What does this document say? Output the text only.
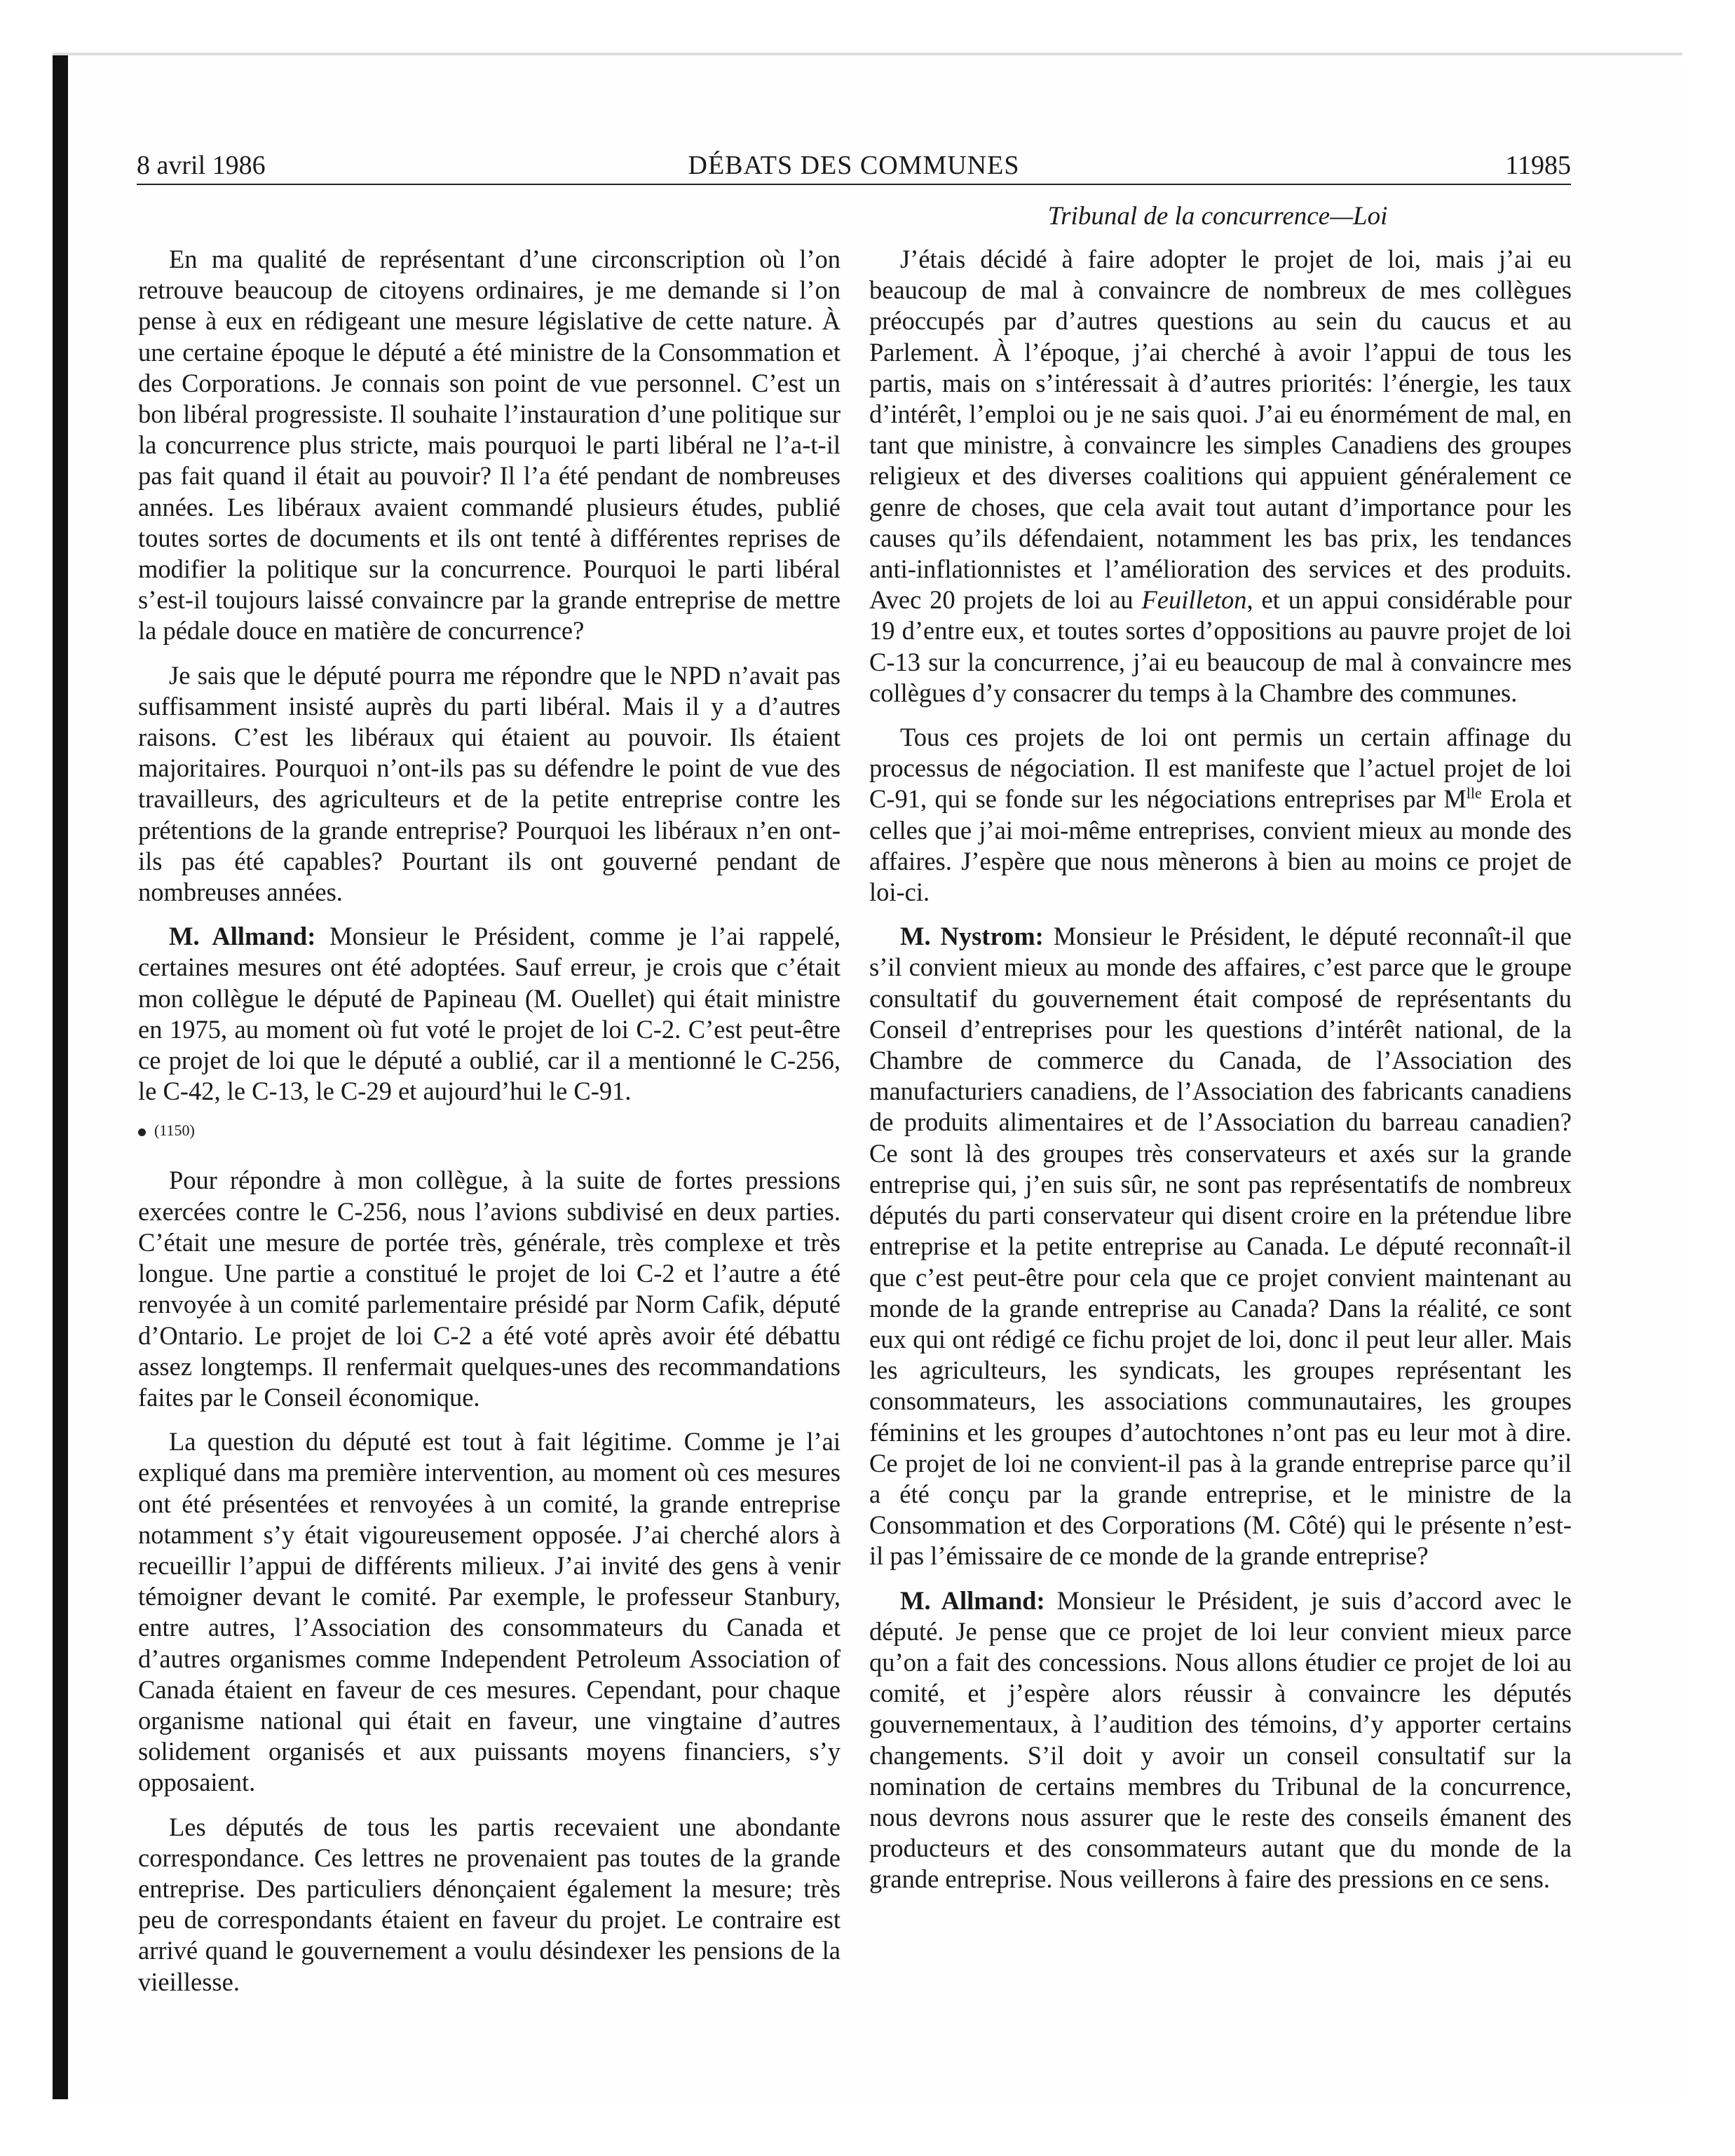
8 avril 1986	DÉBATS DES COMMUNES	11985
Tribunal de la concurrence—Loi

En ma qualité de représentant d’une circonscription où l’on retrouve beaucoup de citoyens ordinaires, je me demande si l’on pense à eux en rédigeant une mesure législative de cette nature. À une certaine époque le député a été ministre de la Consommation et des Corporations. Je connais son point de vue personnel. C’est un bon libéral progressiste. Il souhaite l’instauration d’une politique sur la concurrence plus stricte, mais pourquoi le parti libéral ne l’a-t-il pas fait quand il était au pouvoir? Il l’a été pendant de nombreuses années. Les libéraux avaient commandé plusieurs études, publié toutes sortes de documents et ils ont tenté à différentes reprises de modifier la politique sur la concurrence. Pourquoi le parti libéral s’est-il toujours laissé convaincre par la grande entreprise de mettre la pédale douce en matière de concurrence?

Je sais que le député pourra me répondre que le NPD n’avait pas suffisamment insisté auprès du parti libéral. Mais il y a d’autres raisons. C’est les libéraux qui étaient au pouvoir. Ils étaient majoritaires. Pourquoi n’ont-ils pas su défendre le point de vue des travailleurs, des agriculteurs et de la petite entreprise contre les prétentions de la grande entreprise? Pourquoi les libéraux n’en ont-ils pas été capables? Pourtant ils ont gouverné pendant de nombreuses années.

M. Allmand: Monsieur le Président, comme je l’ai rappelé, certaines mesures ont été adoptées. Sauf erreur, je crois que c’était mon collègue le député de Papineau (M. Ouellet) qui était ministre en 1975, au moment où fut voté le projet de loi C-2. C’est peut-être ce projet de loi que le député a oublié, car il a mentionné le C-256, le C-42, le C-13, le C-29 et aujourd’hui le C-91.

(1150)

Pour répondre à mon collègue, à la suite de fortes pressions exercées contre le C-256, nous l’avions subdivisé en deux parties. C’était une mesure de portée très, générale, très complexe et très longue. Une partie a constitué le projet de loi C-2 et l’autre a été renvoyée à un comité parlementaire présidé par Norm Cafik, député d’Ontario. Le projet de loi C-2 a été voté après avoir été débattu assez longtemps. Il renfermait quelques-unes des recommandations faites par le Conseil économique.

La question du député est tout à fait légitime. Comme je l’ai expliqué dans ma première intervention, au moment où ces mesures ont été présentées et renvoyées à un comité, la grande entreprise notamment s’y était vigoureusement opposée. J’ai cherché alors à recueillir l’appui de différents milieux. J’ai invité des gens à venir témoigner devant le comité. Par exemple, le professeur Stanbury, entre autres, l’Association des consommateurs du Canada et d’autres organismes comme Independent Petroleum Association of Canada étaient en faveur de ces mesures. Cependant, pour chaque organisme national qui était en faveur, une vingtaine d’autres solidement organisés et aux puissants moyens financiers, s’y opposaient.

Les députés de tous les partis recevaient une abondante correspondance. Ces lettres ne provenaient pas toutes de la grande entreprise. Des particuliers dénonçaient également la mesure; très peu de correspondants étaient en faveur du projet. Le contraire est arrivé quand le gouvernement a voulu désindexer les pensions de la vieillesse.

J’étais décidé à faire adopter le projet de loi, mais j’ai eu beaucoup de mal à convaincre de nombreux de mes collègues préoccupés par d’autres questions au sein du caucus et au Parlement. À l’époque, j’ai cherché à avoir l’appui de tous les partis, mais on s’intéressait à d’autres priorités: l’énergie, les taux d’intérêt, l’emploi ou je ne sais quoi. J’ai eu énormément de mal, en tant que ministre, à convaincre les simples Canadiens des groupes religieux et des diverses coalitions qui appuient généralement ce genre de choses, que cela avait tout autant d’importance pour les causes qu’ils défendaient, notamment les bas prix, les tendances anti-inflationnistes et l’amélioration des services et des produits. Avec 20 projets de loi au Feuilleton, et un appui considérable pour 19 d’entre eux, et toutes sortes d’oppositions au pauvre projet de loi C-13 sur la concurrence, j’ai eu beaucoup de mal à convaincre mes collègues d’y consacrer du temps à la Chambre des communes.

Tous ces projets de loi ont permis un certain affinage du processus de négociation. Il est manifeste que l’actuel projet de loi C-91, qui se fonde sur les négociations entreprises par $M^{lle}$ Erola et celles que j’ai moi-même entreprises, convient mieux au monde des affaires. J’espère que nous mènerons à bien au moins ce projet de loi-ci.

M. Nystrom: Monsieur le Président, le député reconnaît-il que s’il convient mieux au monde des affaires, c’est parce que le groupe consultatif du gouvernement était composé de représentants du Conseil d’entreprises pour les questions d’intérêt national, de la Chambre de commerce du Canada, de l’Association des manufacturiers canadiens, de l’Association des fabricants canadiens de produits alimentaires et de l’Association du barreau canadien? Ce sont là des groupes très conservateurs et axés sur la grande entreprise qui, j’en suis sûr, ne sont pas représentatifs de nombreux députés du parti conservateur qui disent croire en la prétendue libre entreprise et la petite entreprise au Canada. Le député reconnaît-il que c’est peut-être pour cela que ce projet convient maintenant au monde de la grande entreprise au Canada? Dans la réalité, ce sont eux qui ont rédigé ce fichu projet de loi, donc il peut leur aller. Mais les agriculteurs, les syndicats, les groupes représentant les consommateurs, les associations communautaires, les groupes féminins et les groupes d’autochtones n’ont pas eu leur mot à dire. Ce projet de loi ne convient-il pas à la grande entreprise parce qu’il a été conçu par la grande entreprise, et le ministre de la Consommation et des Corporations (M. Côté) qui le présente n’est-il pas l’émissaire de ce monde de la grande entreprise?

M. Allmand: Monsieur le Président, je suis d’accord avec le député. Je pense que ce projet de loi leur convient mieux parce qu’on a fait des concessions. Nous allons étudier ce projet de loi au comité, et j’espère alors réussir à convaincre les députés gouvernementaux, à l’audition des témoins, d’y apporter certains changements. S’il doit y avoir un conseil consultatif sur la nomination de certains membres du Tribunal de la concurrence, nous devrons nous assurer que le reste des conseils émanent des producteurs et des consommateurs autant que du monde de la grande entreprise. Nous veillerons à faire des pressions en ce sens.
